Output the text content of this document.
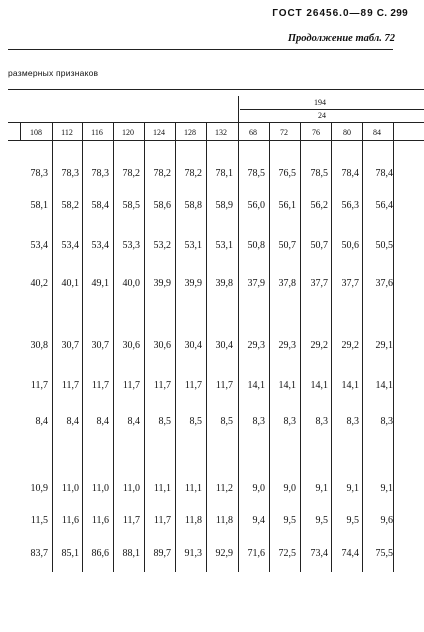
ГОСТ 26456.0—89 С. 299
Продолжение табл. 72
размерных признаков
194
24
108	112	116	120	124	128	132	68	72	76	80	84
78,3	78,3	78,3	78,2	78,2	78,2	78,1	78,5	76,5	78,5	78,4	78,4
58,1	58,2	58,4	58,5	58,6	58,8	58,9	56,0	56,1	56,2	56,3	56,4
53,4	53,4	53,4	53,3	53,2	53,1	53,1	50,8	50,7	50,7	50,6	50,5
40,2	40,1	49,1	40,0	39,9	39,9	39,8	37,9	37,8	37,7	37,7	37,6
30,8	30,7	30,7	30,6	30,6	30,4	30,4	29,3	29,3	29,2	29,2	29,1
11,7	11,7	11,7	11,7	11,7	11,7	11,7	14,1	14,1	14,1	14,1	14,1
8,4	8,4	8,4	8,4	8,5	8,5	8,5	8,3	8,3	8,3	8,3	8,3
10,9	11,0	11,0	11,0	11,1	11,1	11,2	9,0	9,0	9,1	9,1	9,1
11,5	11,6	11,6	11,7	11,7	11,8	11,8	9,4	9,5	9,5	9,5	9,6
83,7	85,1	86,6	88,1	89,7	91,3	92,9	71,6	72,5	73,4	74,4	75,5
